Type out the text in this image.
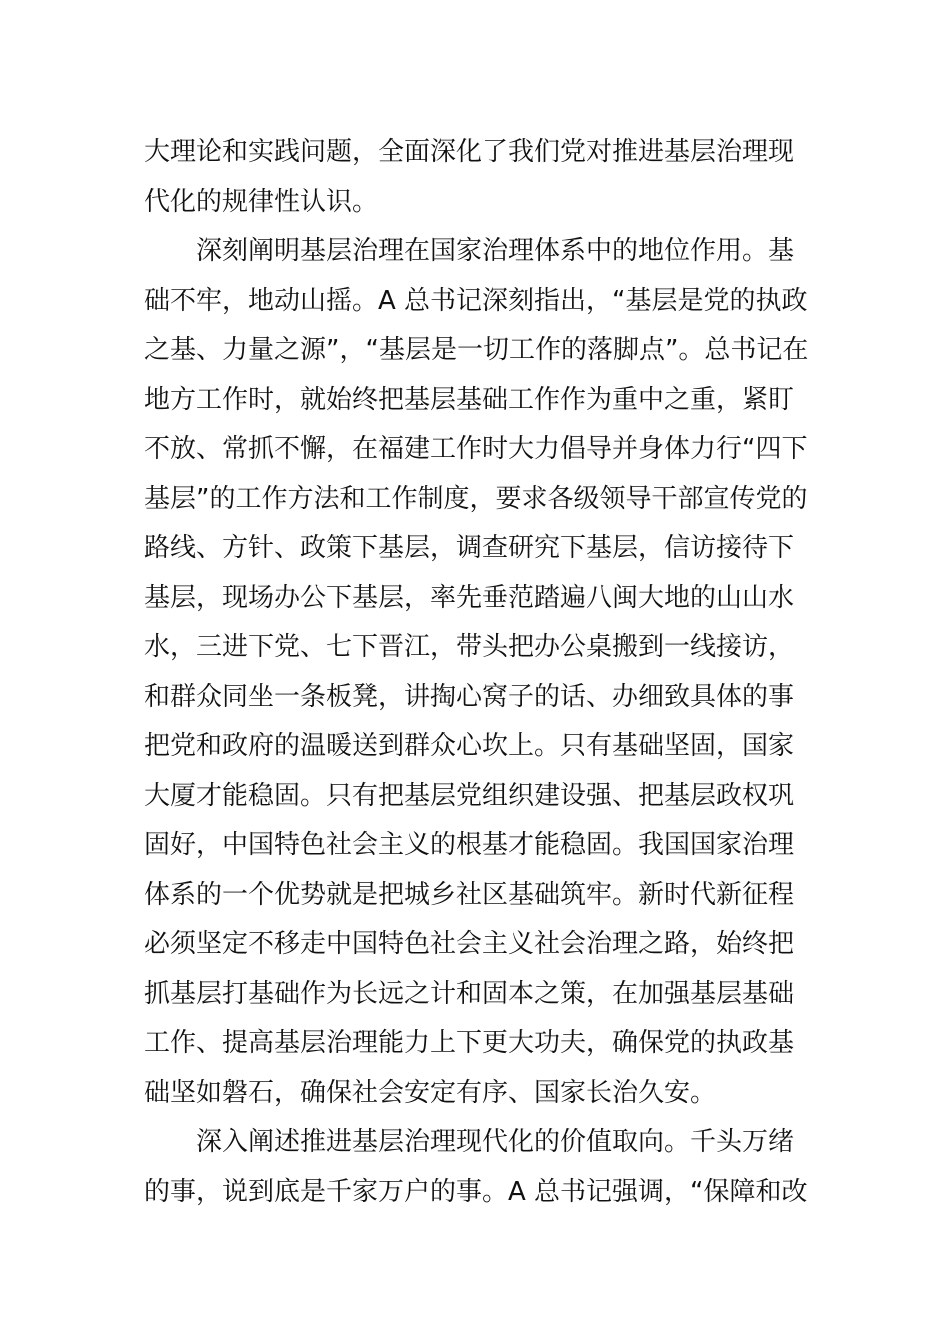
大理论和实践问题，全面深化了我们党对推进基层治理现
代化的规律性认识。
深刻阐明基层治理在国家治理体系中的地位作用。基
础不牢，地动山摇。A 总书记深刻指出，“基层是党的执政
之基、力量之源”，“基层是一切工作的落脚点”。总书记在
地方工作时，就始终把基层基础工作作为重中之重，紧盯
不放、常抓不懈，在福建工作时大力倡导并身体力行“四下
基层”的工作方法和工作制度，要求各级领导干部宣传党的
路线、方针、政策下基层，调查研究下基层，信访接待下
基层，现场办公下基层，率先垂范踏遍八闽大地的山山水
水，三进下党、七下晋江，带头把办公桌搬到一线接访，
和群众同坐一条板凳，讲掏心窝子的话、办细致具体的事
把党和政府的温暖送到群众心坎上。只有基础坚固，国家
大厦才能稳固。只有把基层党组织建设强、把基层政权巩
固好，中国特色社会主义的根基才能稳固。我国国家治理
体系的一个优势就是把城乡社区基础筑牢。新时代新征程
必须坚定不移走中国特色社会主义社会治理之路，始终把
抓基层打基础作为长远之计和固本之策，在加强基层基础
工作、提高基层治理能力上下更大功夫，确保党的执政基
础坚如磐石，确保社会安定有序、国家长治久安。
深入阐述推进基层治理现代化的价值取向。千头万绪
的事，说到底是千家万户的事。A 总书记强调，“保障和改
